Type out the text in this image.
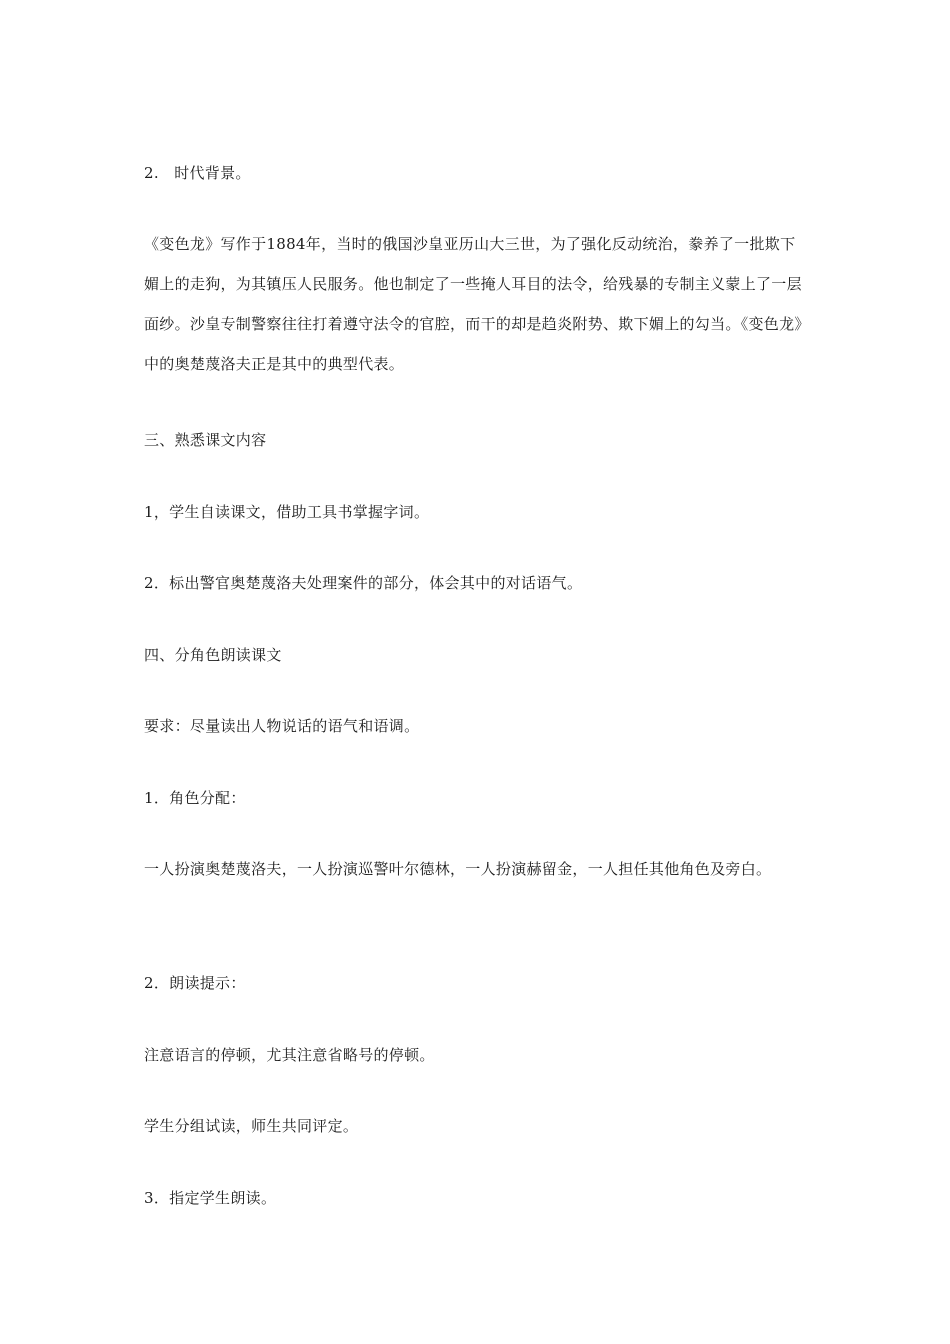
2.　时代背景。

《变色龙》写作于1884年，当时的俄国沙皇亚历山大三世，为了强化反动统治，豢养了一批欺下媚上的走狗，为其镇压人民服务。他也制定了一些掩人耳目的法令，给残暴的专制主义蒙上了一层面纱。沙皇专制警察往往打着遵守法令的官腔，而干的却是趋炎附势、欺下媚上的勾当。《变色龙》中的奥楚蔑洛夫正是其中的典型代表。

三、熟悉课文内容

1，学生自读课文，借助工具书掌握字词。

2．标出警官奥楚蔑洛夫处理案件的部分，体会其中的对话语气。

四、分角色朗读课文

要求：尽量读出人物说话的语气和语调。

1．角色分配：

一人扮演奥楚蔑洛夫，一人扮演巡警叶尔德林，一人扮演赫留金，一人担任其他角色及旁白。

2．朗读提示：

注意语言的停顿，尤其注意省略号的停顿。

学生分组试读，师生共同评定。

3．指定学生朗读。
